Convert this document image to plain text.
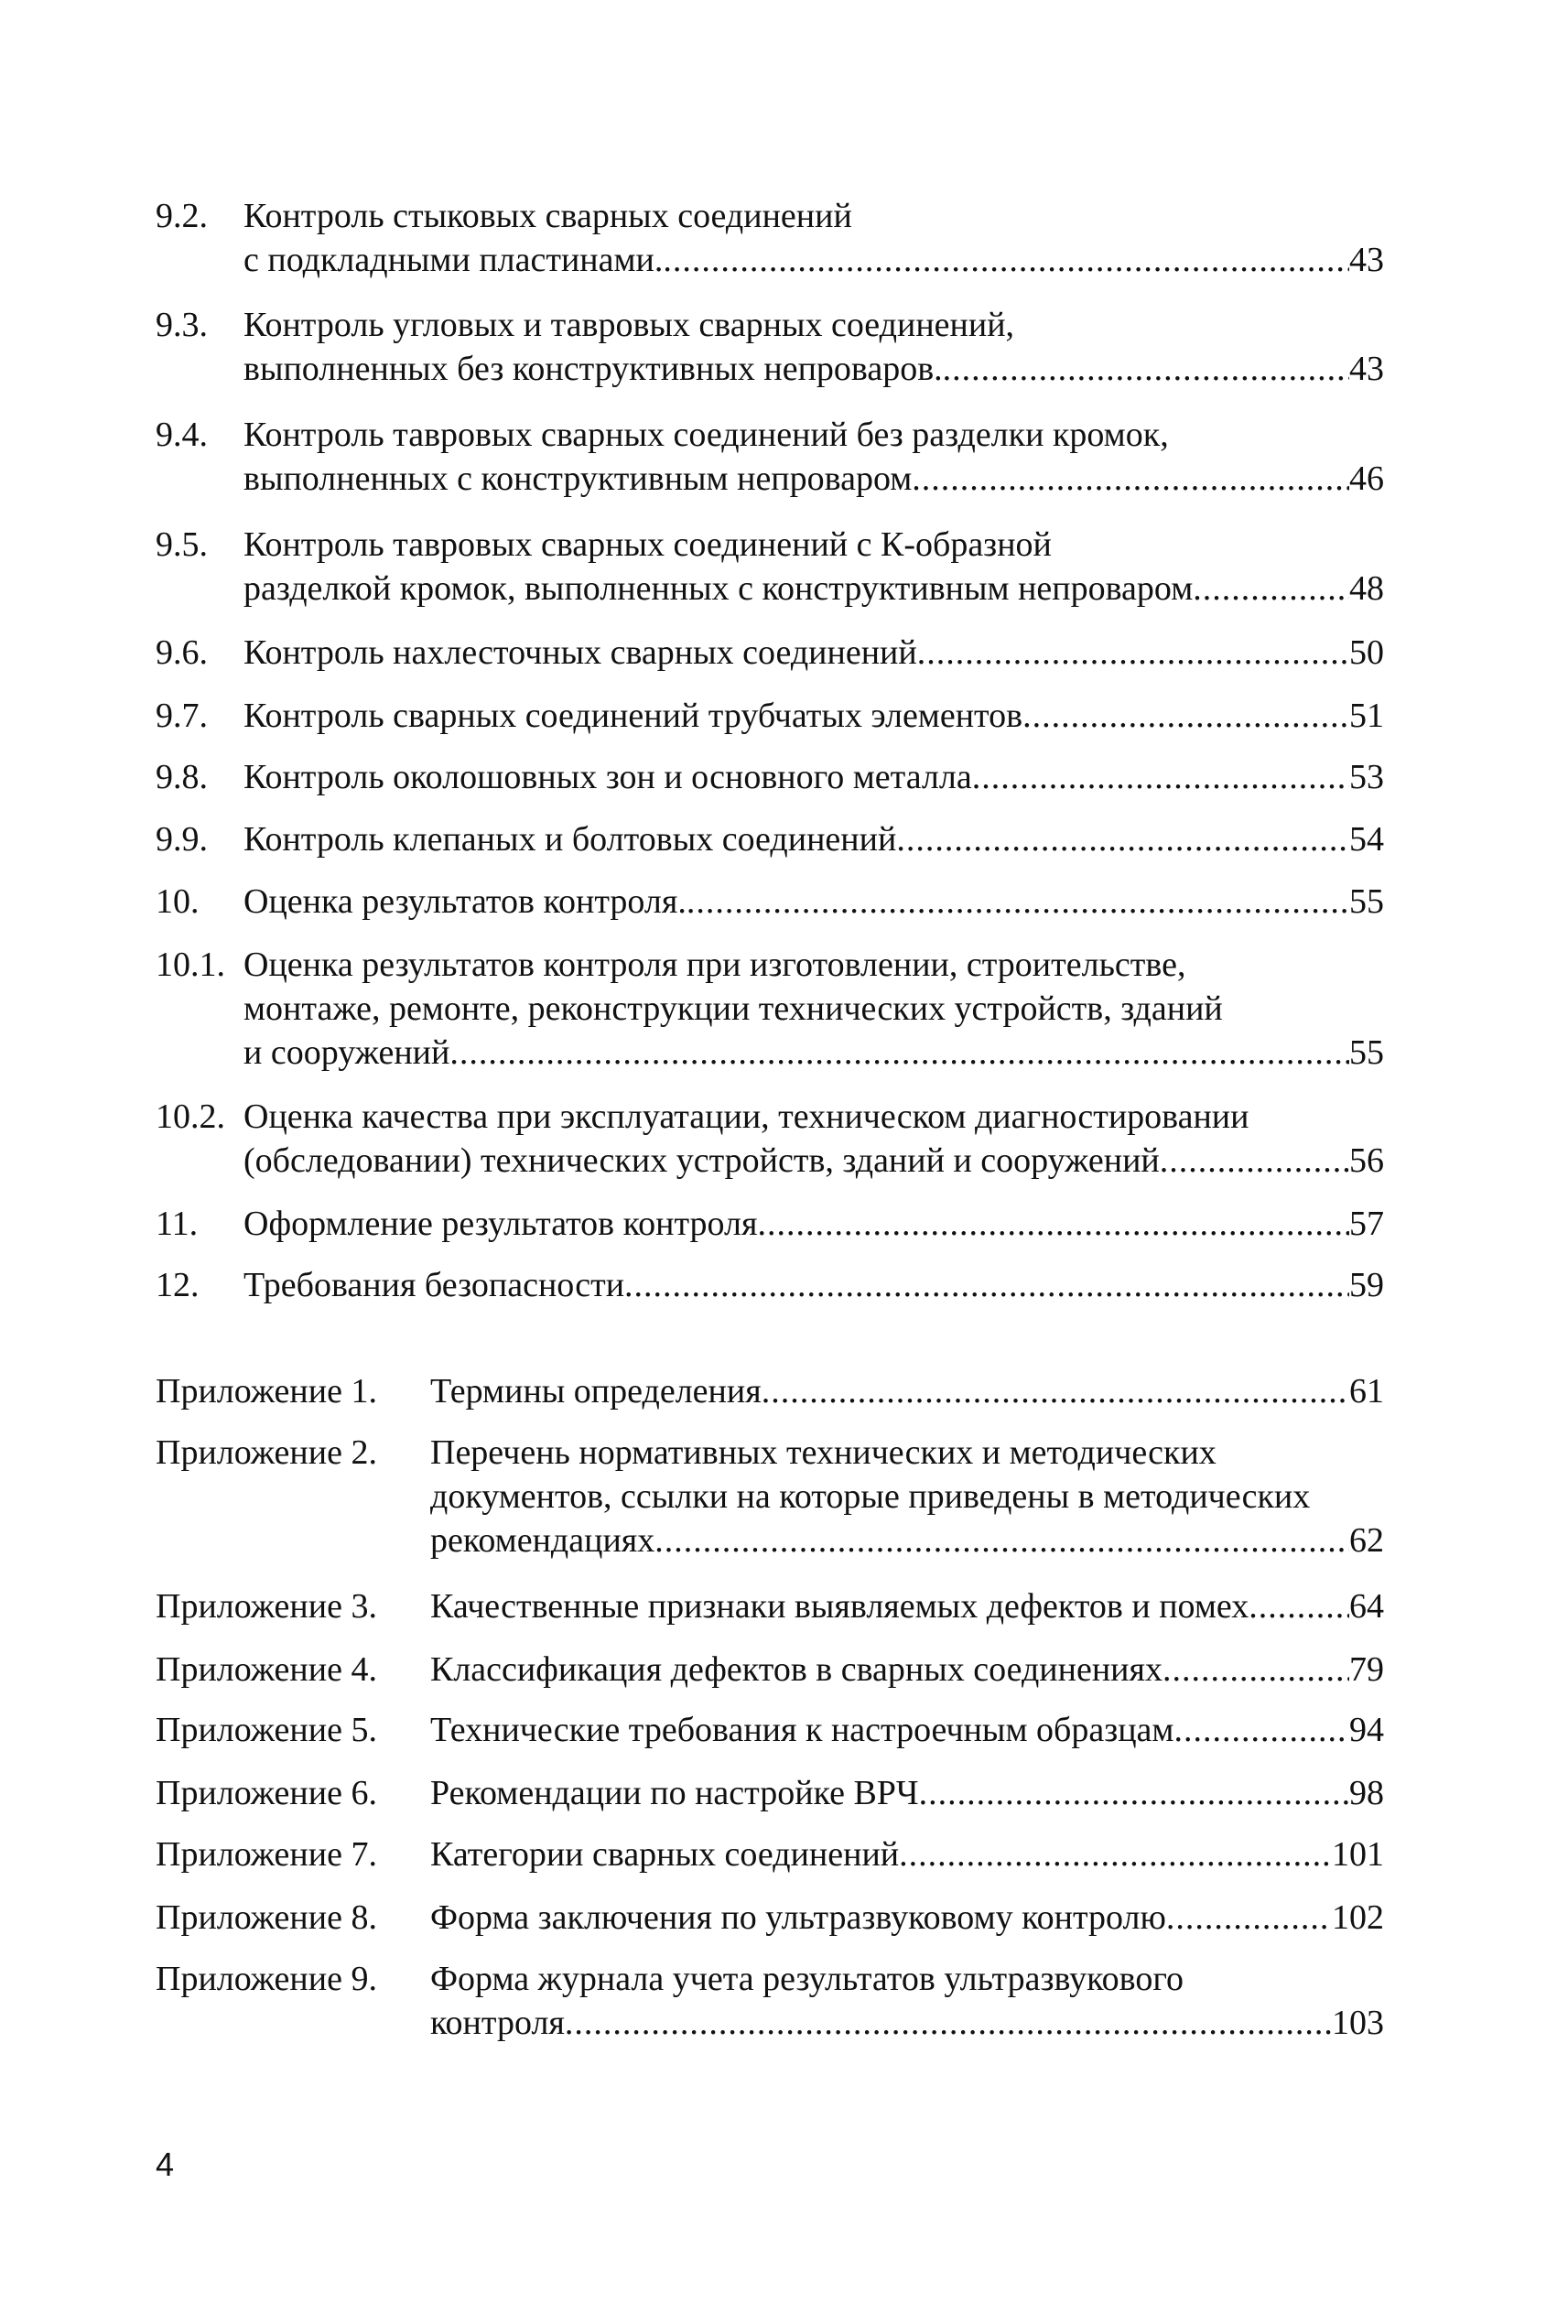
9.2. Контроль стыковых сварных соединений
с подкладными пластинами. .....	43
9.3. Контроль угловых и тавровых сварных соединений,
выполненных без конструктивных непроваров. .....	43
9.4. Контроль тавровых сварных соединений без разделки кромок,
выполненных с конструктивным непроваром .....	46
9.5. Контроль тавровых сварных соединений с К-образной
разделкой кромок, выполненных с конструктивным непроваром .....	48
9.6. Контроль нахлесточных сварных соединений .....	50
9.7. Контроль сварных соединений трубчатых элементов .....	51
9.8. Контроль околошовных зон и основного металла .....	53
9.9. Контроль клепаных и болтовых соединений .....	54
10. Оценка результатов контроля. .....	55
10.1. Оценка результатов контроля при изготовлении, строительстве,
монтаже, ремонте, реконструкции технических устройств, зданий
и сооружений .....	55
10.2. Оценка качества при эксплуатации, техническом диагностировании
(обследовании) технических устройств, зданий и сооружений .....	56
11. Оформление результатов контроля .....	57
12. Требования безопасности .....	59
Приложение 1. Термины определения .....	61
Приложение 2. Перечень нормативных технических и методических
документов, ссылки на которые приведены в методических
рекомендациях .....	62
Приложение 3. Качественные признаки выявляемых дефектов и помех .....	64
Приложение 4. Классификация дефектов в сварных соединениях .....	79
Приложение 5. Технические требования к настроечным образцам .....	94
Приложение 6. Рекомендации по настройке ВРЧ .....	98
Приложение 7. Категории сварных соединений .....	101
Приложение 8. Форма заключения по ультразвуковому контролю .....	102
Приложение 9. Форма журнала учета результатов ультразвукового
контроля .....	103
4
